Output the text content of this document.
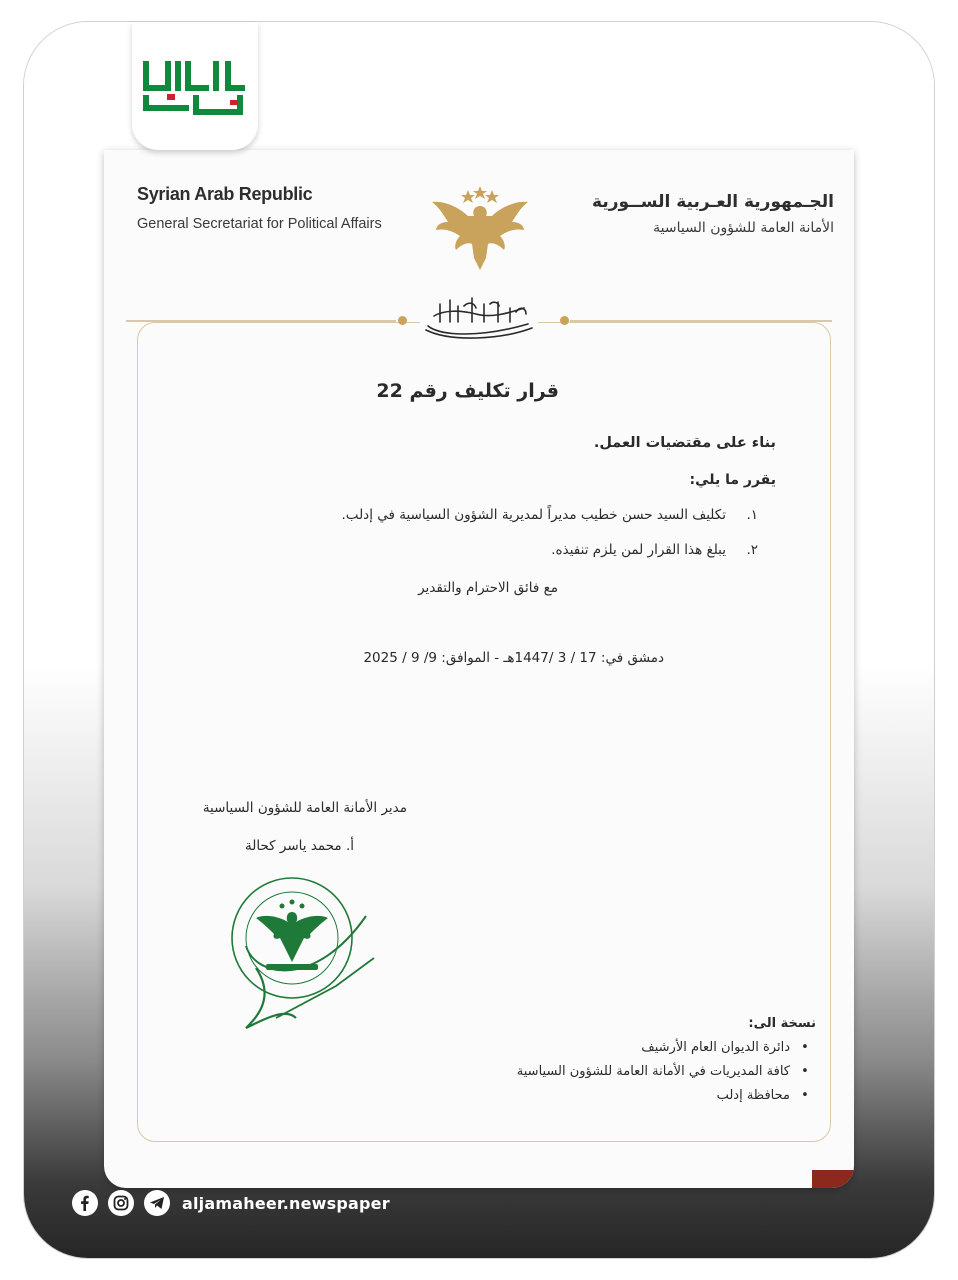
Syrian Arab Republic
General Secretariat for Political Affairs
الجـمهورية العـربية الســورية
الأمانة العامة للشؤون السياسية
قرار تكليف رقم 22
بناء على مقتضيات العمل.
يقرر ما يلي:
١.تكليف السيد حسن خطيب مديراً لمديرية الشؤون السياسية في إدلب.
٢.يبلغ هذا القرار لمن يلزم تنفيذه.
مع فائق الاحترام والتقدير
دمشق في: 17 / 3 /1447هـ - الموافق: 9/ 9 / 2025
مدير الأمانة العامة للشؤون السياسية
أ. محمد ياسر كحالة
نسخة الى:
•دائرة الديوان العام الأرشيف
•كافة المديريات في الأمانة العامة للشؤون السياسية
•محافظة إدلب
aljamaheer.newspaper
